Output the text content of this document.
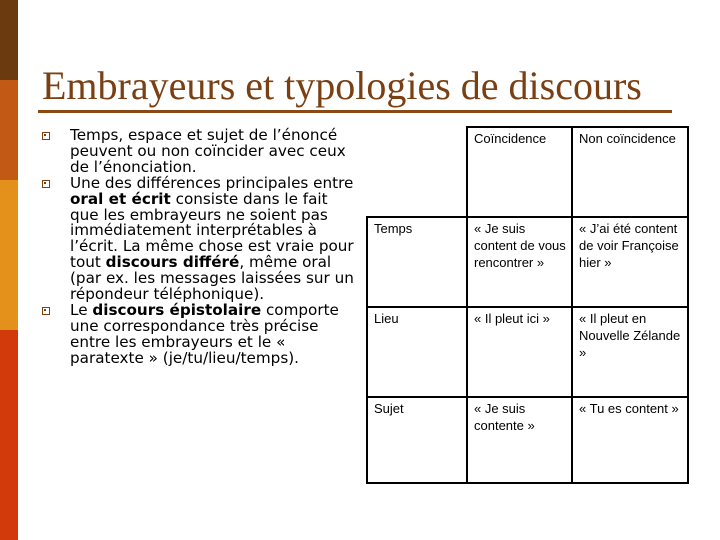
Embrayeurs et typologies de discours
Temps, espace et sujet de l’énoncé peuvent ou non coïncider avec ceux de l’énonciation.
Une des différences principales entre oral et écrit consiste dans le fait que les embrayeurs ne soient pas immédiatement interprétables à l’écrit. La même chose est vraie pour tout discours différé, même oral (par ex. les messages laissées sur un répondeur téléphonique).
Le discours épistolaire comporte une correspondance très précise entre les embrayeurs et le « paratexte » (je/tu/lieu/temps).
	Coïncidence	Non coïncidence
Temps	« Je suis content de vous rencontrer »	« J’ai été content de voir Françoise hier »
Lieu	« Il pleut ici »	« Il pleut en Nouvelle Zélande »
Sujet	« Je suis contente »	« Tu es content »
